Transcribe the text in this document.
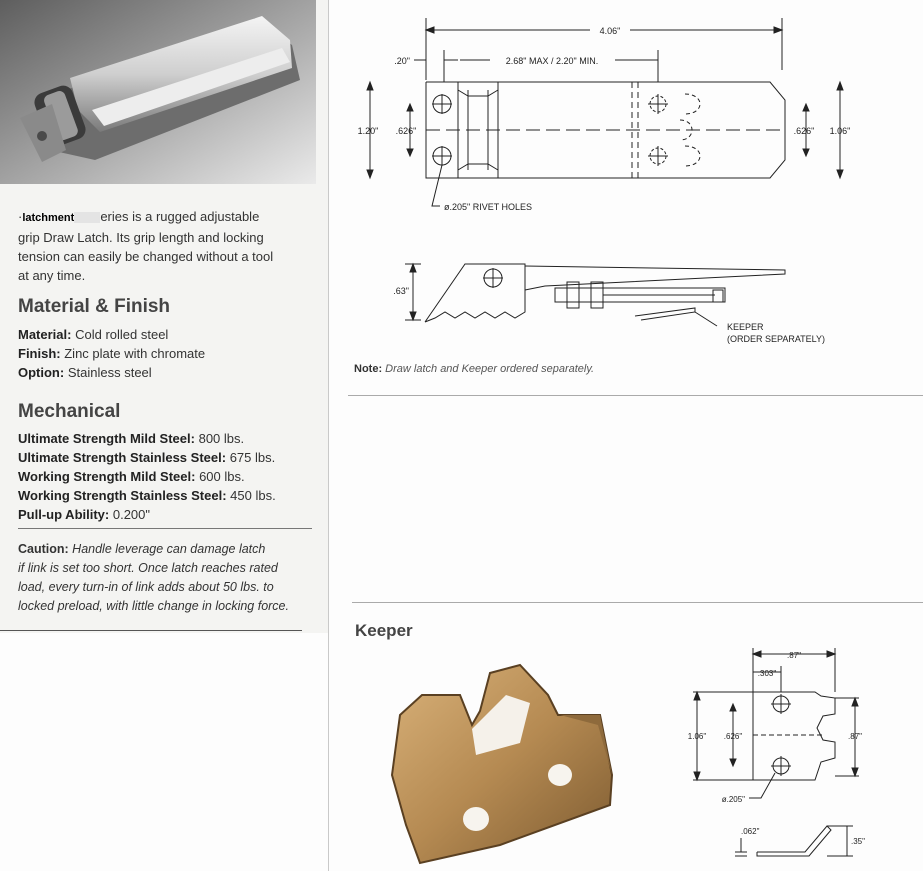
·latchment eries is a rugged adjustable
grip Draw Latch. Its grip length and locking
tension can easily be changed without a tool
at any time.
Material & Finish
Material: Cold rolled steel
Finish: Zinc plate with chromate
Option: Stainless steel
Mechanical
Ultimate Strength Mild Steel: 800 lbs.
Ultimate Strength Stainless Steel: 675 lbs.
Working Strength Mild Steel: 600 lbs.
Working Strength Stainless Steel: 450 lbs.
Pull-up Ability: 0.200"
Caution: Handle leverage can damage latch
if link is set too short. Once latch reaches rated
load, every turn-in of link adds about 50 lbs. to
locked preload, with little change in locking force.
4.06"
.20"	2.68" MAX / 2.20" MIN.
1.20" .626"	.626" 1.06"
ø.205" RIVET HOLES
.63"
KEEPER
(ORDER SEPARATELY)
Note: Draw latch and Keeper ordered separately.
Keeper
.87"
.303"
1.06" .626"	.87"
ø.205"
.062"
.35"
